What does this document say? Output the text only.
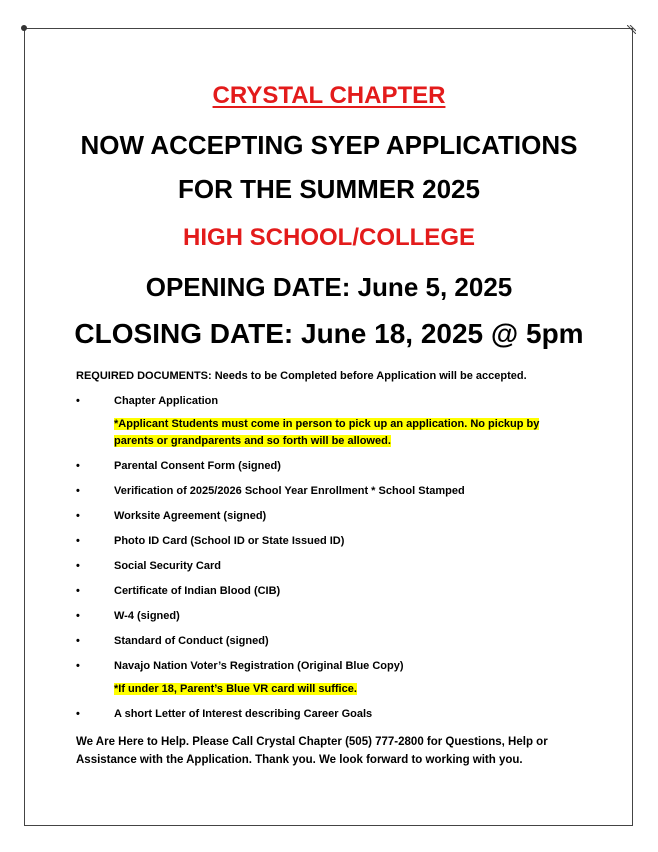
CRYSTAL CHAPTER
NOW ACCEPTING SYEP APPLICATIONS
FOR THE SUMMER 2025
HIGH SCHOOL/COLLEGE
OPENING DATE: June 5, 2025
CLOSING DATE: June 18, 2025 @ 5pm
REQUIRED DOCUMENTS: Needs to be Completed before Application will be accepted.
•	Chapter Application
*Applicant Students must come in person to pick up an application. No pickup by parents or grandparents and so forth will be allowed.
•	Parental Consent Form (signed)
•	Verification of 2025/2026 School Year Enrollment * School Stamped
•	Worksite Agreement (signed)
•	Photo ID Card (School ID or State Issued ID)
•	Social Security Card
•	Certificate of Indian Blood (CIB)
•	W-4 (signed)
•	Standard of Conduct (signed)
•	Navajo Nation Voter’s Registration (Original Blue Copy)
*If under 18, Parent’s Blue VR card will suffice.
•	A short Letter of Interest describing Career Goals
We Are Here to Help. Please Call Crystal Chapter (505) 777-2800 for Questions, Help or Assistance with the Application. Thank you. We look forward to working with you.
